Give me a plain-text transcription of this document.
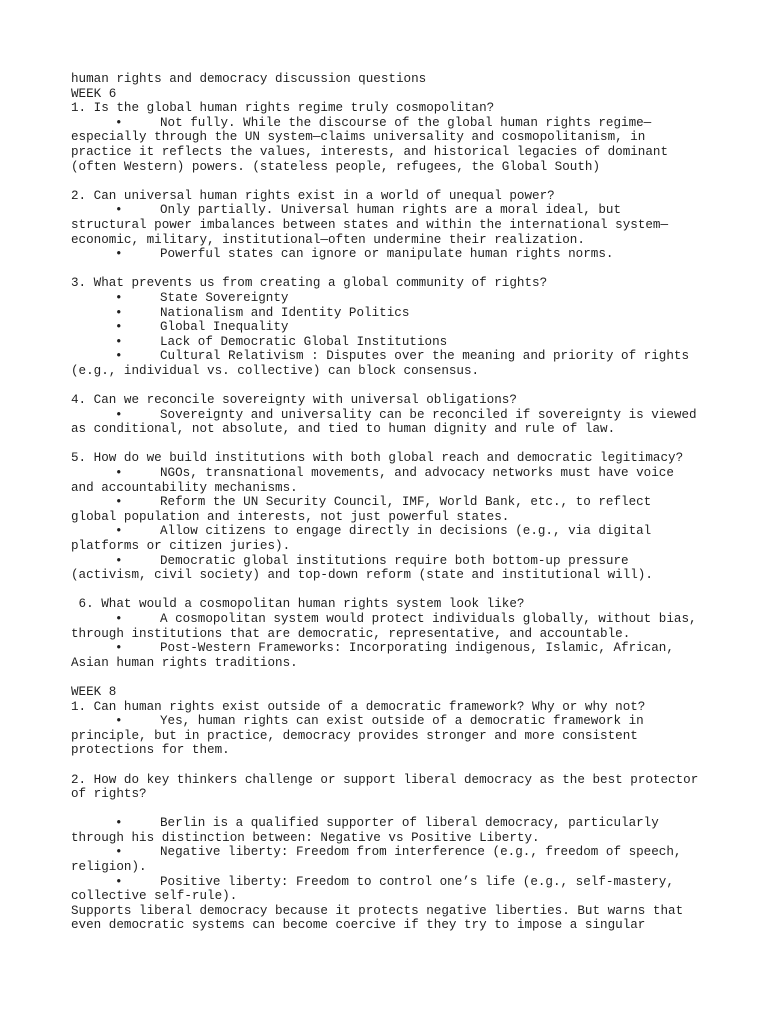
human rights and democracy discussion questions
WEEK 6
1. Is the global human rights regime truly cosmopolitan?

•

	Not fully. While the discourse of the global human rights regime—

especially through the UN system—claims universality and cosmopolitanism, in
practice it reflects the values, interests, and historical legacies of dominant
(often Western) powers. (stateless people, refugees, the Global South)
2. Can universal human rights exist in a world of unequal power?

•

	Only partially. Universal human rights are a moral ideal, but

structural power imbalances between states and within the international system—
economic, military, institutional—often undermine their realization.

•

	Powerful states can ignore or manipulate human rights norms.

3. What prevents us from creating a global community of rights?

•

	State Sovereignty

•

	Nationalism and Identity Politics

•

	Global Inequality

•

	Lack of Democratic Global Institutions

•

	Cultural Relativism : Disputes over the meaning and priority of rights

(e.g., individual vs. collective) can block consensus.
4. Can we reconcile sovereignty with universal obligations?

•

	Sovereignty and universality can be reconciled if sovereignty is viewed

as conditional, not absolute, and tied to human dignity and rule of law.
5. How do we build institutions with both global reach and democratic legitimacy?

•

	NGOs, transnational movements, and advocacy networks must have voice

and accountability mechanisms.

•

	Reform the UN Security Council, IMF, World Bank, etc., to reflect

global population and interests, not just powerful states.

•

	Allow citizens to engage directly in decisions (e.g., via digital

platforms or citizen juries).

•

	Democratic global institutions require both bottom-up pressure

(activism, civil society) and top-down reform (state and institutional will).
6. What would a cosmopolitan human rights system look like?

•

	A cosmopolitan system would protect individuals globally, without bias,

through institutions that are democratic, representative, and accountable.

•

	Post-Western Frameworks: Incorporating indigenous, Islamic, African,

Asian human rights traditions.
WEEK 8
1. Can human rights exist outside of a democratic framework? Why or why not?

•

	Yes, human rights can exist outside of a democratic framework in

principle, but in practice, democracy provides stronger and more consistent
protections for them.
2. How do key thinkers challenge or support liberal democracy as the best protector
of rights?

•

	Berlin is a qualified supporter of liberal democracy, particularly

through his distinction between: Negative vs Positive Liberty.

•

	Negative liberty: Freedom from interference (e.g., freedom of speech,

religion).

•

	Positive liberty: Freedom to control one’s life (e.g., self-mastery,

collective self-rule).
Supports liberal democracy because it protects negative liberties. But warns that
even democratic systems can become coercive if they try to impose a singular
